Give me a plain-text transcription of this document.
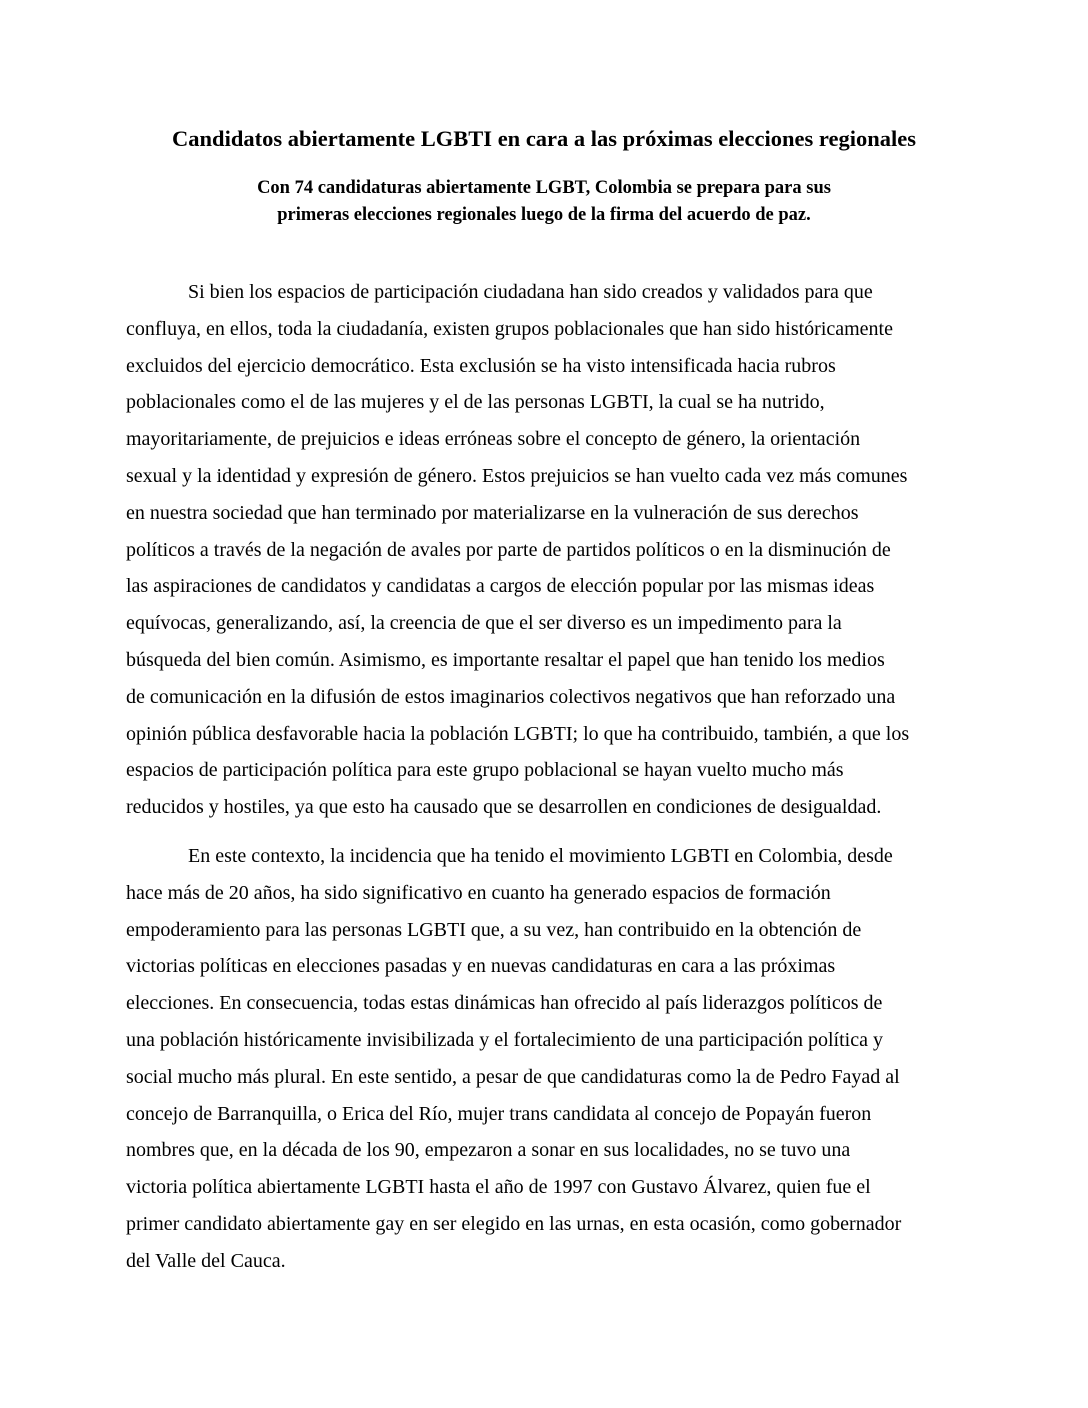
Candidatos abiertamente LGBTI en cara a las próximas elecciones regionales
Con 74 candidaturas abiertamente LGBT, Colombia se prepara para sus primeras elecciones regionales luego de la firma del acuerdo de paz.

Si bien los espacios de participación ciudadana han sido creados y validados para que
confluya, en ellos, toda la ciudadanía, existen grupos poblacionales que han sido históricamente
excluidos del ejercicio democrático. Esta exclusión se ha visto intensificada hacia rubros
poblacionales como el de las mujeres y el de las personas LGBTI, la cual se ha nutrido,
mayoritariamente, de prejuicios e ideas erróneas sobre el concepto de género, la orientación
sexual y la identidad y expresión de género. Estos prejuicios se han vuelto cada vez más comunes
en nuestra sociedad que han terminado por materializarse en la vulneración de sus derechos
políticos a través de la negación de avales por parte de partidos políticos o en la disminución de
las aspiraciones de candidatos y candidatas a cargos de elección popular por las mismas ideas
equívocas, generalizando, así, la creencia de que el ser diverso es un impedimento para la
búsqueda del bien común. Asimismo, es importante resaltar el papel que han tenido los medios
de comunicación en la difusión de estos imaginarios colectivos negativos que han reforzado una
opinión pública desfavorable hacia la población LGBTI; lo que ha contribuido, también, a que los
espacios de participación política para este grupo poblacional se hayan vuelto mucho más
reducidos y hostiles, ya que esto ha causado que se desarrollen en condiciones de desigualdad.

En este contexto, la incidencia que ha tenido el movimiento LGBTI en Colombia, desde
hace más de 20 años, ha sido significativo en cuanto ha generado espacios de formación
empoderamiento para las personas LGBTI que, a su vez, han contribuido en la obtención de
victorias políticas en elecciones pasadas y en nuevas candidaturas en cara a las próximas
elecciones. En consecuencia, todas estas dinámicas han ofrecido al país liderazgos políticos de
una población históricamente invisibilizada y el fortalecimiento de una participación política y
social mucho más plural. En este sentido, a pesar de que candidaturas como la de Pedro Fayad al
concejo de Barranquilla, o Erica del Río, mujer trans candidata al concejo de Popayán fueron
nombres que, en la década de los 90, empezaron a sonar en sus localidades, no se tuvo una
victoria política abiertamente LGBTI hasta el año de 1997 con Gustavo Álvarez, quien fue el
primer candidato abiertamente gay en ser elegido en las urnas, en esta ocasión, como gobernador
del Valle del Cauca.
